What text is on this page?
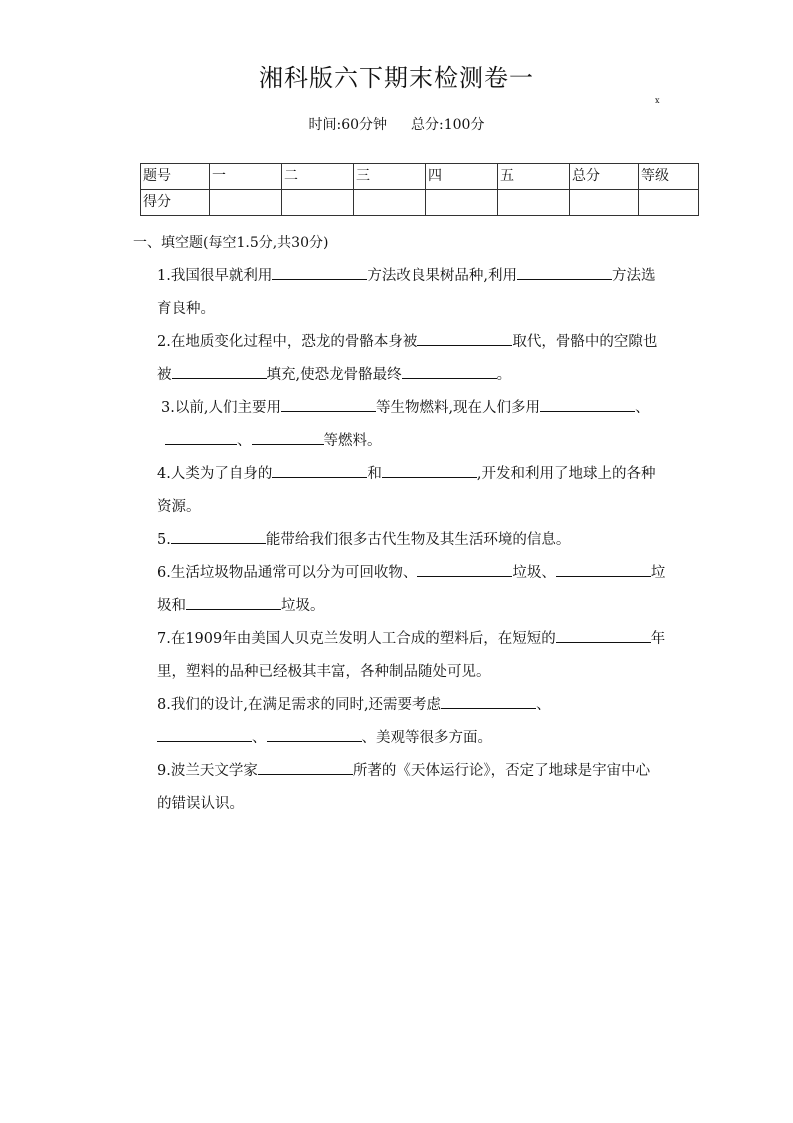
湘科版六下期末检测卷一
x
时间:60分钟 总分:100分
题号	一	二	三	四	五	总分	等级
得分							
一、填空题(每空1.5分,共30分)

1.我国很早就利用	方法改良果树品种,利用	方法选

育良种。

2.在地质变化过程中，恐龙的骨骼本身被	取代，骨骼中的空隙也

被	填充,使恐龙骨骼最终	。

3.以前,人们主要用	等生物燃料,现在人们多用	、

、	等燃料。

4.人类为了自身的	和	,开发和利用了地球上的各种

资源。

5.	能带给我们很多古代生物及其生活环境的信息。

6.生活垃圾物品通常可以分为可回收物、	垃圾、	垃

圾和	垃圾。

7.在1909年由美国人贝克兰发明人工合成的塑料后，在短短的	年

里，塑料的品种已经极其丰富，各种制品随处可见。

8.我们的设计,在满足需求的同时,还需要考虑	、

、	、美观等很多方面。

9.波兰天文学家	所著的《天体运行论》，否定了地球是宇宙中心

的错误认识。
